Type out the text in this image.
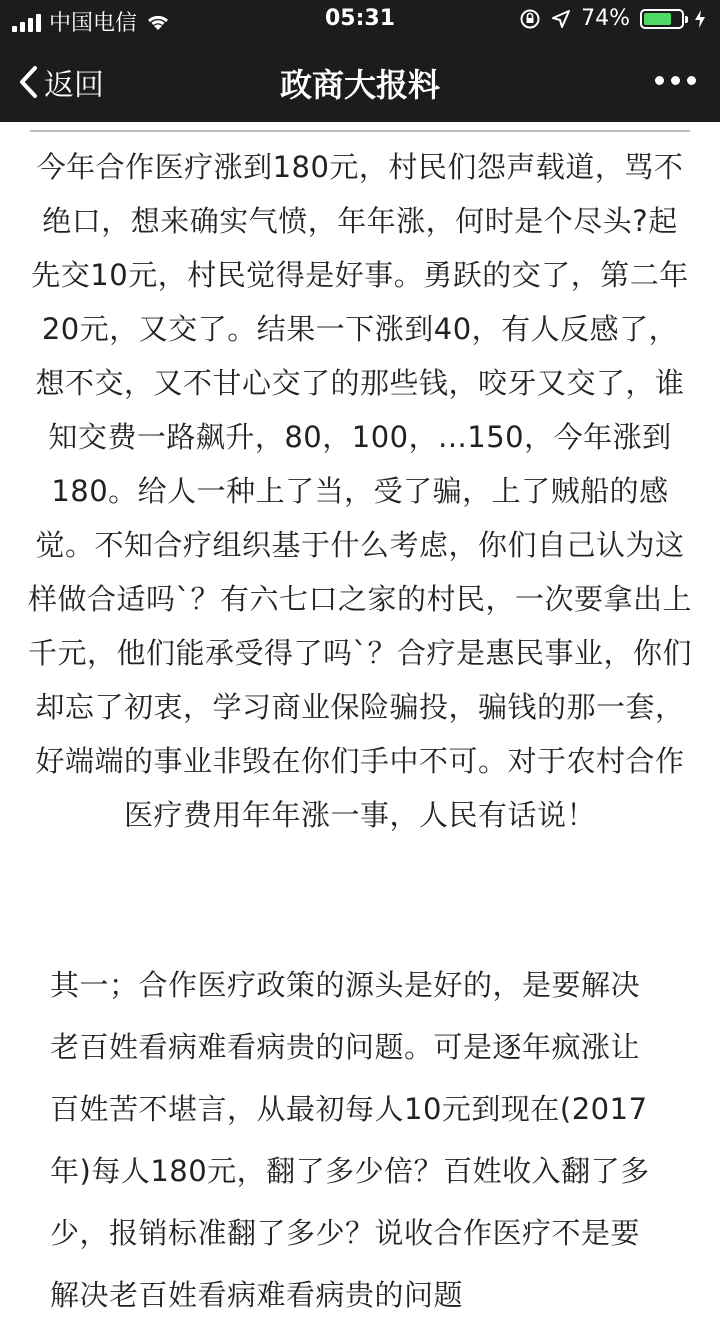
中国电信	05:31	74%
返回	政商大报料
今年合作医疗涨到180元，村民们怨声载道，骂不绝口，想来确实气愤，年年涨，何时是个尽头?起先交10元，村民觉得是好事。勇跃的交了，第二年20元，又交了。结果一下涨到40，有人反感了，想不交，又不甘心交了的那些钱，咬牙又交了，谁知交费一路飙升，80，100，...150，今年涨到180。给人一种上了当，受了骗，上了贼船的感觉。不知合疗组织基于什么考虑，你们自己认为这样做合适吗`？有六七口之家的村民，一次要拿出上千元，他们能承受得了吗`？合疗是惠民事业，你们却忘了初衷，学习商业保险骗投，骗钱的那一套，好端端的事业非毁在你们手中不可。对于农村合作医疗费用年年涨一事，人民有话说！
其一；合作医疗政策的源头是好的，是要解决老百姓看病难看病贵的问题。可是逐年疯涨让百姓苦不堪言，从最初每人10元到现在(2017年)每人180元，翻了多少倍？百姓收入翻了多少，报销标准翻了多少？说收合作医疗不是要解决老百姓看病难看病贵的问题
